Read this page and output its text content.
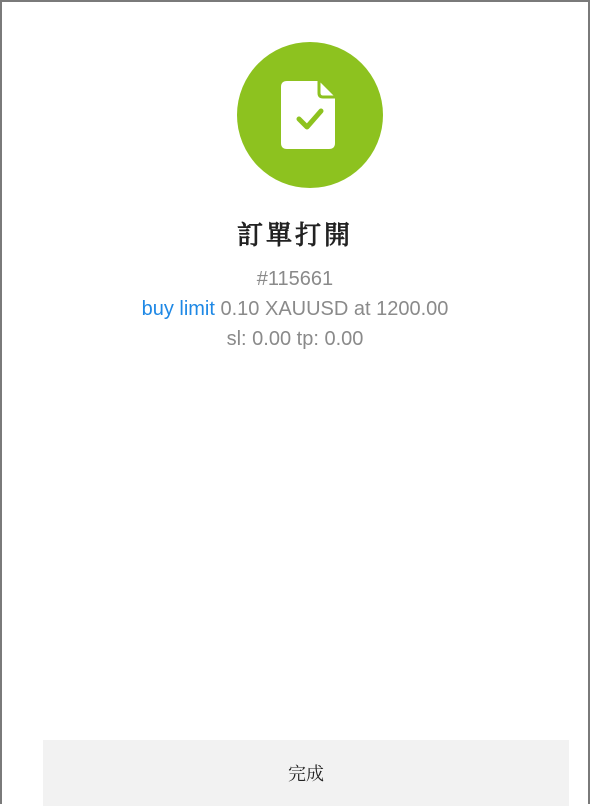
訂單打開
#115661
buy limit 0.10 XAUUSD at 1200.00
sl: 0.00 tp: 0.00
完成
